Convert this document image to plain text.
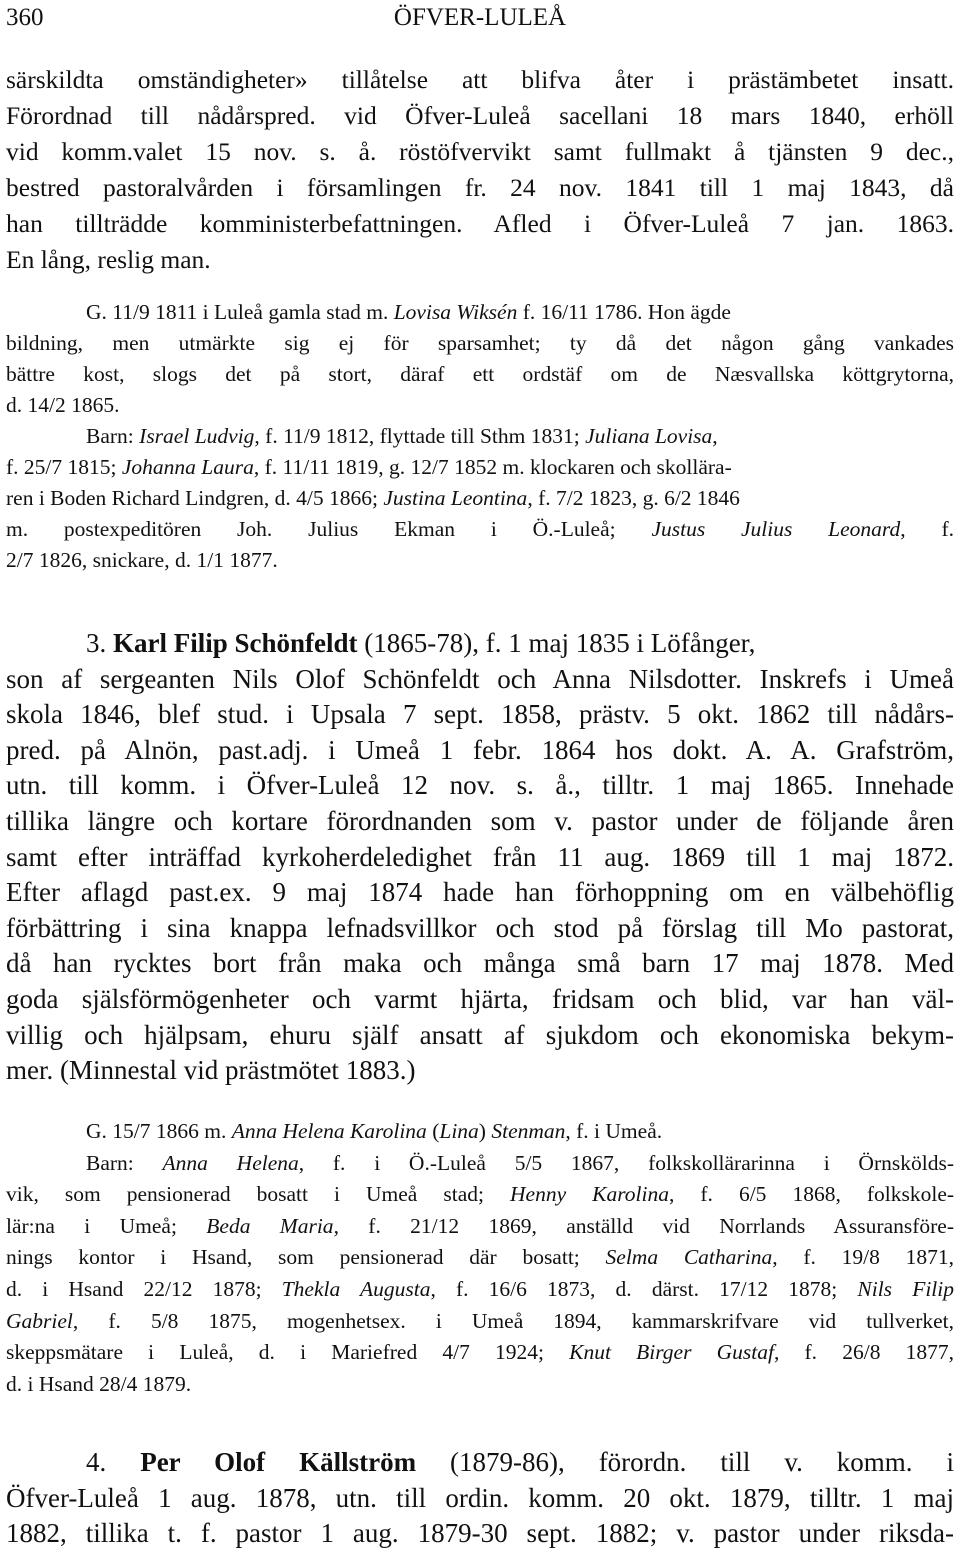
360	ÖFVER-LULEÅ
särskildta omständigheter» tillåtelse att blifva åter i prästämbetet insatt.
Förordnad till nådårspred. vid Öfver-Luleå sacellani 18 mars 1840, erhöll
vid komm.valet 15 nov. s. å. röstöfvervikt samt fullmakt å tjänsten 9 dec.,
bestred pastoralvården i församlingen fr. 24 nov. 1841 till 1 maj 1843, då
han tillträdde komministerbefattningen. Afled i Öfver-Luleå 7 jan. 1863.
En lång, reslig man.
G. 11/9 1811 i Luleå gamla stad m. Lovisa Wiksén f. 16/11 1786. Hon ägde
bildning, men utmärkte sig ej för sparsamhet; ty då det någon gång vankades
bättre kost, slogs det på stort, däraf ett ordstäf om de Næsvallska köttgrytorna,
d. 14/2 1865.
Barn: Israel Ludvig, f. 11/9 1812, flyttade till Sthm 1831; Juliana Lovisa,
f. 25/7 1815; Johanna Laura, f. 11/11 1819, g. 12/7 1852 m. klockaren och skollära-
ren i Boden Richard Lindgren, d. 4/5 1866; Justina Leontina, f. 7/2 1823, g. 6/2 1846
m. postexpeditören Joh. Julius Ekman i Ö.-Luleå; Justus Julius Leonard, f.
2/7 1826, snickare, d. 1/1 1877.
3. Karl Filip Schönfeldt (1865-78), f. 1 maj 1835 i Löfånger,
son af sergeanten Nils Olof Schönfeldt och Anna Nilsdotter. Inskrefs i Umeå
skola 1846, blef stud. i Upsala 7 sept. 1858, prästv. 5 okt. 1862 till nådårs-
pred. på Alnön, past.adj. i Umeå 1 febr. 1864 hos dokt. A. A. Grafström,
utn. till komm. i Öfver-Luleå 12 nov. s. å., tilltr. 1 maj 1865. Innehade
tillika längre och kortare förordnanden som v. pastor under de följande åren
samt efter inträffad kyrkoherdeledighet från 11 aug. 1869 till 1 maj 1872.
Efter aflagd past.ex. 9 maj 1874 hade han förhoppning om en välbehöflig
förbättring i sina knappa lefnadsvillkor och stod på förslag till Mo pastorat,
då han rycktes bort från maka och många små barn 17 maj 1878. Med
goda själsförmögenheter och varmt hjärta, fridsam och blid, var han väl-
villig och hjälpsam, ehuru själf ansatt af sjukdom och ekonomiska bekym-
mer. (Minnestal vid prästmötet 1883.)
G. 15/7 1866 m. Anna Helena Karolina (Lina) Stenman, f. i Umeå.
Barn: Anna Helena, f. i Ö.-Luleå 5/5 1867, folkskollärarinna i Örnskölds-
vik, som pensionerad bosatt i Umeå stad; Henny Karolina, f. 6/5 1868, folkskole-
lär:na i Umeå; Beda Maria, f. 21/12 1869, anställd vid Norrlands Assuransföre-
nings kontor i Hsand, som pensionerad där bosatt; Selma Catharina, f. 19/8 1871,
d. i Hsand 22/12 1878; Thekla Augusta, f. 16/6 1873, d. därst. 17/12 1878; Nils Filip
Gabriel, f. 5/8 1875, mogenhetsex. i Umeå 1894, kammarskrifvare vid tullverket,
skeppsmätare i Luleå, d. i Mariefred 4/7 1924; Knut Birger Gustaf, f. 26/8 1877,
d. i Hsand 28/4 1879.
4. Per Olof Källström (1879-86), förordn. till v. komm. i
Öfver-Luleå 1 aug. 1878, utn. till ordin. komm. 20 okt. 1879, tilltr. 1 maj
1882, tillika t. f. pastor 1 aug. 1879-30 sept. 1882; v. pastor under riksda-
